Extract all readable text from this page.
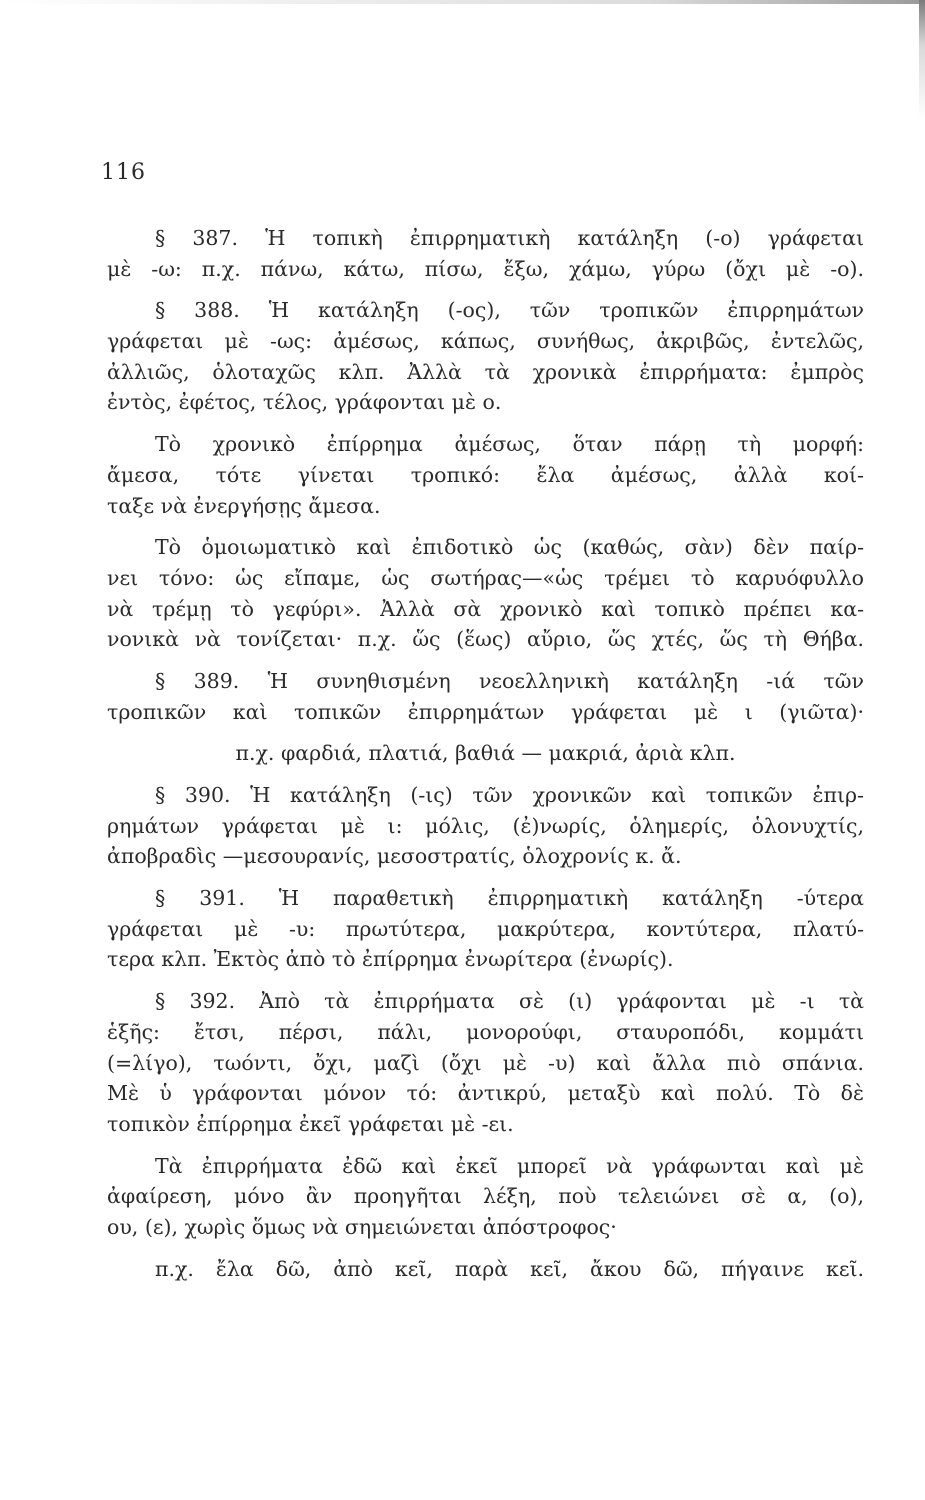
116
§ 387. Ἡ τοπικὴ ἐπιρρηματικὴ κατάληξη (-ο) γράφεται
μὲ -ω: π.χ. πάνω, κάτω, πίσω, ἔξω, χάμω, γύρω (ὄχι μὲ -ο).
§ 388. Ἡ κατάληξη (-ος), τῶν τροπικῶν ἐπιρρημάτων
γράφεται μὲ -ως: ἀμέσως, κάπως, συνήθως, ἀκριβῶς, ἐντελῶς,
ἀλλιῶς, ὁλοταχῶς κλπ. Ἀλλὰ τὰ χρονικὰ ἐπιρρήματα: ἐμπρὸς
ἐντὸς, ἐφέτος, τέλος, γράφονται μὲ ο.
Τὸ χρονικὸ ἐπίρρημα ἀμέσως, ὅταν πάρῃ τὴ μορφή:
ἄμεσα, τότε γίνεται τροπικό: ἔλα ἀμέσως, ἀλλὰ κοί-
ταξε νὰ ἐνεργήσῃς ἄμεσα.
Τὸ ὁμοιωματικὸ καὶ ἐπιδοτικὸ ὡς (καθώς, σὰν) δὲν παίρ-
νει τόνο: ὡς εἴπαμε, ὡς σωτήρας—«ὡς τρέμει τὸ καρυόφυλλο
νὰ τρέμῃ τὸ γεφύρι». Ἀλλὰ σὰ χρονικὸ καὶ τοπικὸ πρέπει κα-
νονικὰ νὰ τονίζεται· π.χ. ὥς (ἕως) αὔριο, ὥς χτές, ὥς τὴ Θήβα.
§ 389. Ἡ συνηθισμένη νεοελληνικὴ κατάληξη -ιά τῶν
τροπικῶν καὶ τοπικῶν ἐπιρρημάτων γράφεται μὲ ι (γιῶτα)·
π.χ. φαρδιά, πλατιά, βαθιά — μακριά, ἀριὰ κλπ.
§ 390. Ἡ κατάληξη (-ις) τῶν χρονικῶν καὶ τοπικῶν ἐπιρ-
ρημάτων γράφεται μὲ ι: μόλις, (ἐ)νωρίς, ὁλημερίς, ὁλονυχτίς,
ἀποβραδὶς —μεσουρανίς, μεσοστρατίς, ὁλοχρονίς κ. ἄ.
§ 391. Ἡ παραθετικὴ ἐπιρρηματικὴ κατάληξη -ύτερα
γράφεται μὲ -υ: πρωτύτερα, μακρύτερα, κοντύτερα, πλατύ-
τερα κλπ. Ἐκτὸς ἀπὸ τὸ ἐπίρρημα ἐνωρίτερα (ἐνωρίς).
§ 392. Ἀπὸ τὰ ἐπιρρήματα σὲ (ι) γράφονται μὲ -ι τὰ
ἑξῆς: ἔτσι, πέρσι, πάλι, μονορούφι, σταυροπόδι, κομμάτι
(=λίγο), τωόντι, ὄχι, μαζὶ (ὄχι μὲ -υ) καὶ ἄλλα πιὸ σπάνια.
Μὲ ὑ γράφονται μόνον τό: ἀντικρύ, μεταξὺ καὶ πολύ. Τὸ δὲ
τοπικὸν ἐπίρρημα ἐκεῖ γράφεται μὲ -ει.
Τὰ ἐπιρρήματα ἐδῶ καὶ ἐκεῖ μπορεῖ νὰ γράφωνται καὶ μὲ
ἀφαίρεση, μόνο ἂν προηγῆται λέξη, ποὺ τελειώνει σὲ α, (ο),
ου, (ε), χωρὶς ὅμως νὰ σημειώνεται ἀπόστροφος·
π.χ. ἔλα δῶ, ἀπὸ κεῖ, παρὰ κεῖ, ἄκου δῶ, πήγαινε κεῖ.
